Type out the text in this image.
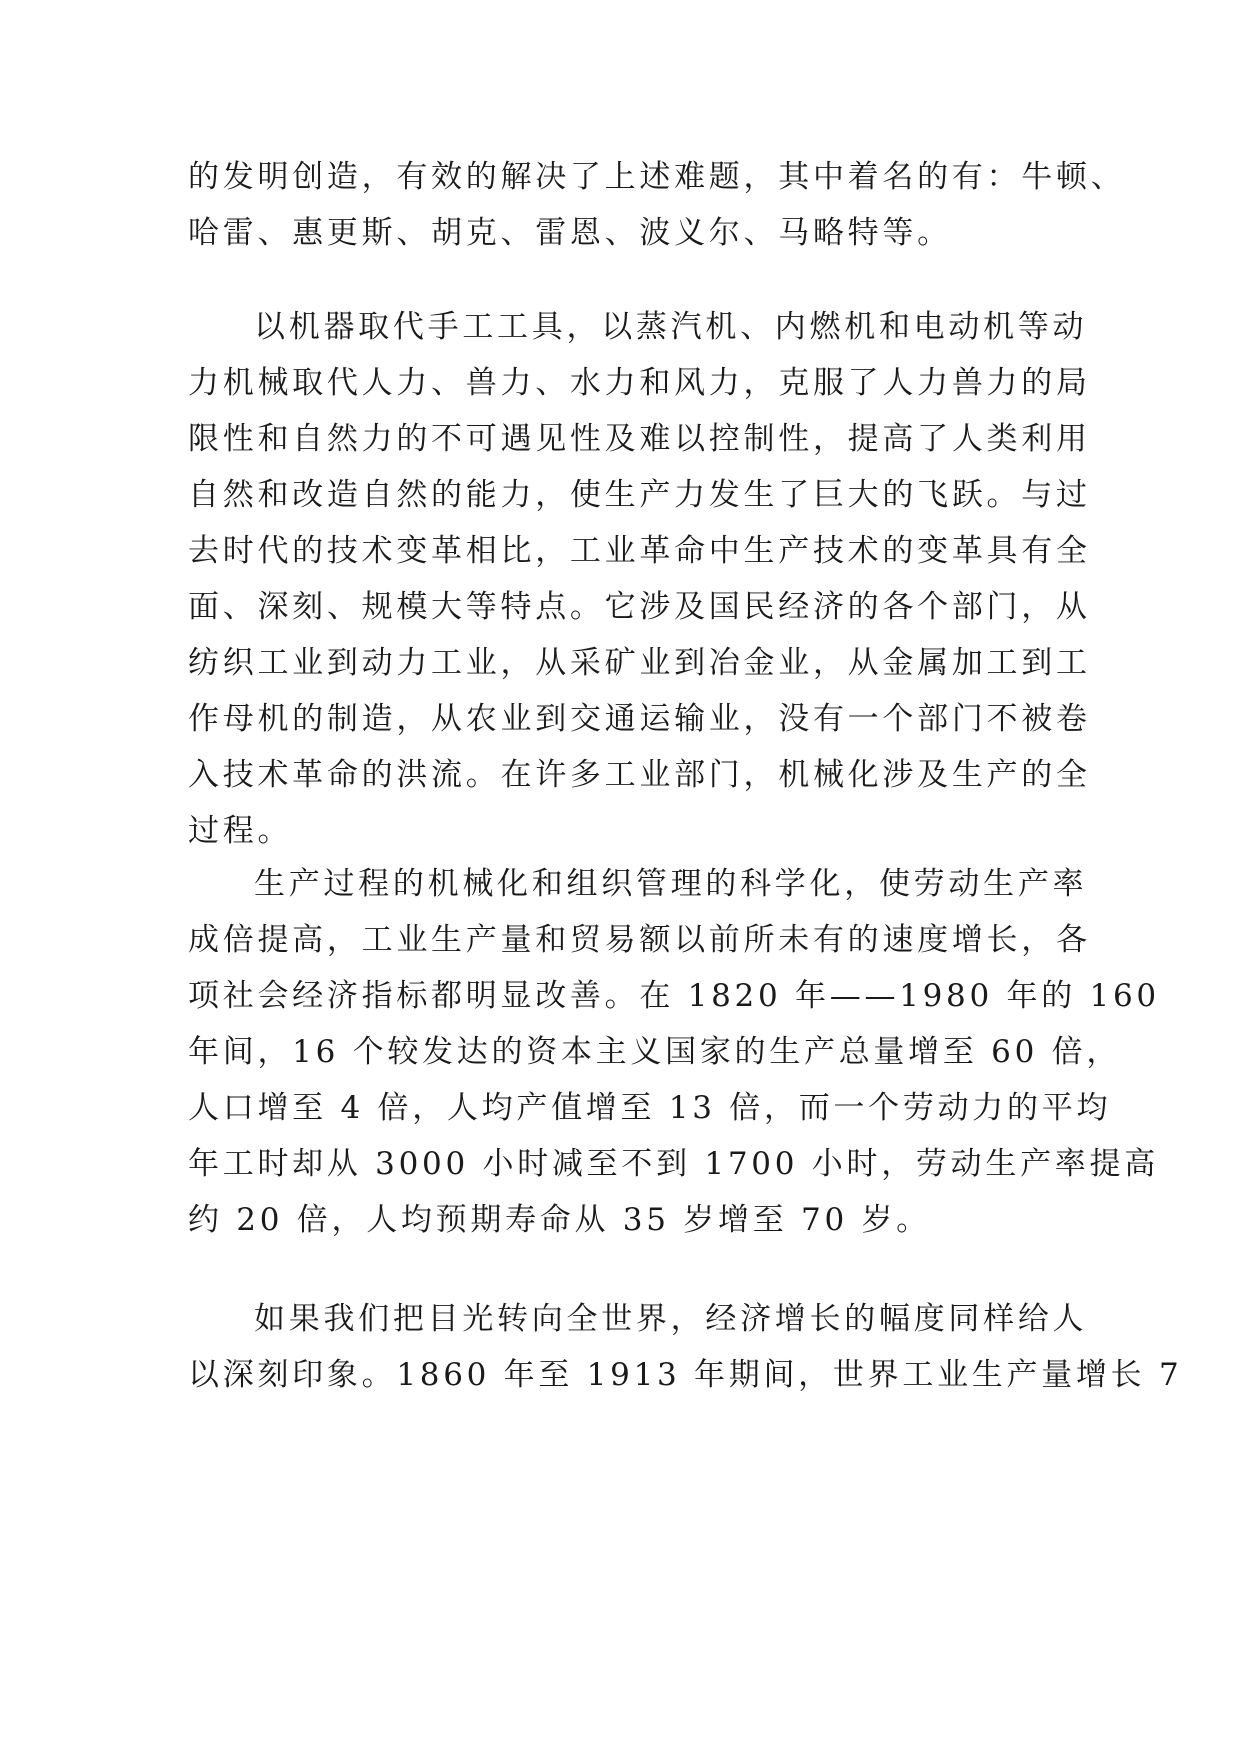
的发明创造，有效的解决了上述难题，其中着名的有：牛顿、
哈雷、惠更斯、胡克、雷恩、波义尔、马略特等。
以机器取代手工工具，以蒸汽机、内燃机和电动机等动
力机械取代人力、兽力、水力和风力，克服了人力兽力的局
限性和自然力的不可遇见性及难以控制性，提高了人类利用
自然和改造自然的能力，使生产力发生了巨大的飞跃。与过
去时代的技术变革相比，工业革命中生产技术的变革具有全
面、深刻、规模大等特点。它涉及国民经济的各个部门，从
纺织工业到动力工业，从采矿业到冶金业，从金属加工到工
作母机的制造，从农业到交通运输业，没有一个部门不被卷
入技术革命的洪流。在许多工业部门，机械化涉及生产的全
过程。
生产过程的机械化和组织管理的科学化，使劳动生产率
成倍提高，工业生产量和贸易额以前所未有的速度增长，各
项社会经济指标都明显改善。在 1820 年——1980 年的 160
年间，16 个较发达的资本主义国家的生产总量增至 60 倍，
人口增至 4 倍，人均产值增至 13 倍，而一个劳动力的平均
年工时却从 3000 小时减至不到 1700 小时，劳动生产率提高
约 20 倍，人均预期寿命从 35 岁增至 70 岁。
如果我们把目光转向全世界，经济增长的幅度同样给人
以深刻印象。1860 年至 1913 年期间，世界工业生产量增长 7
